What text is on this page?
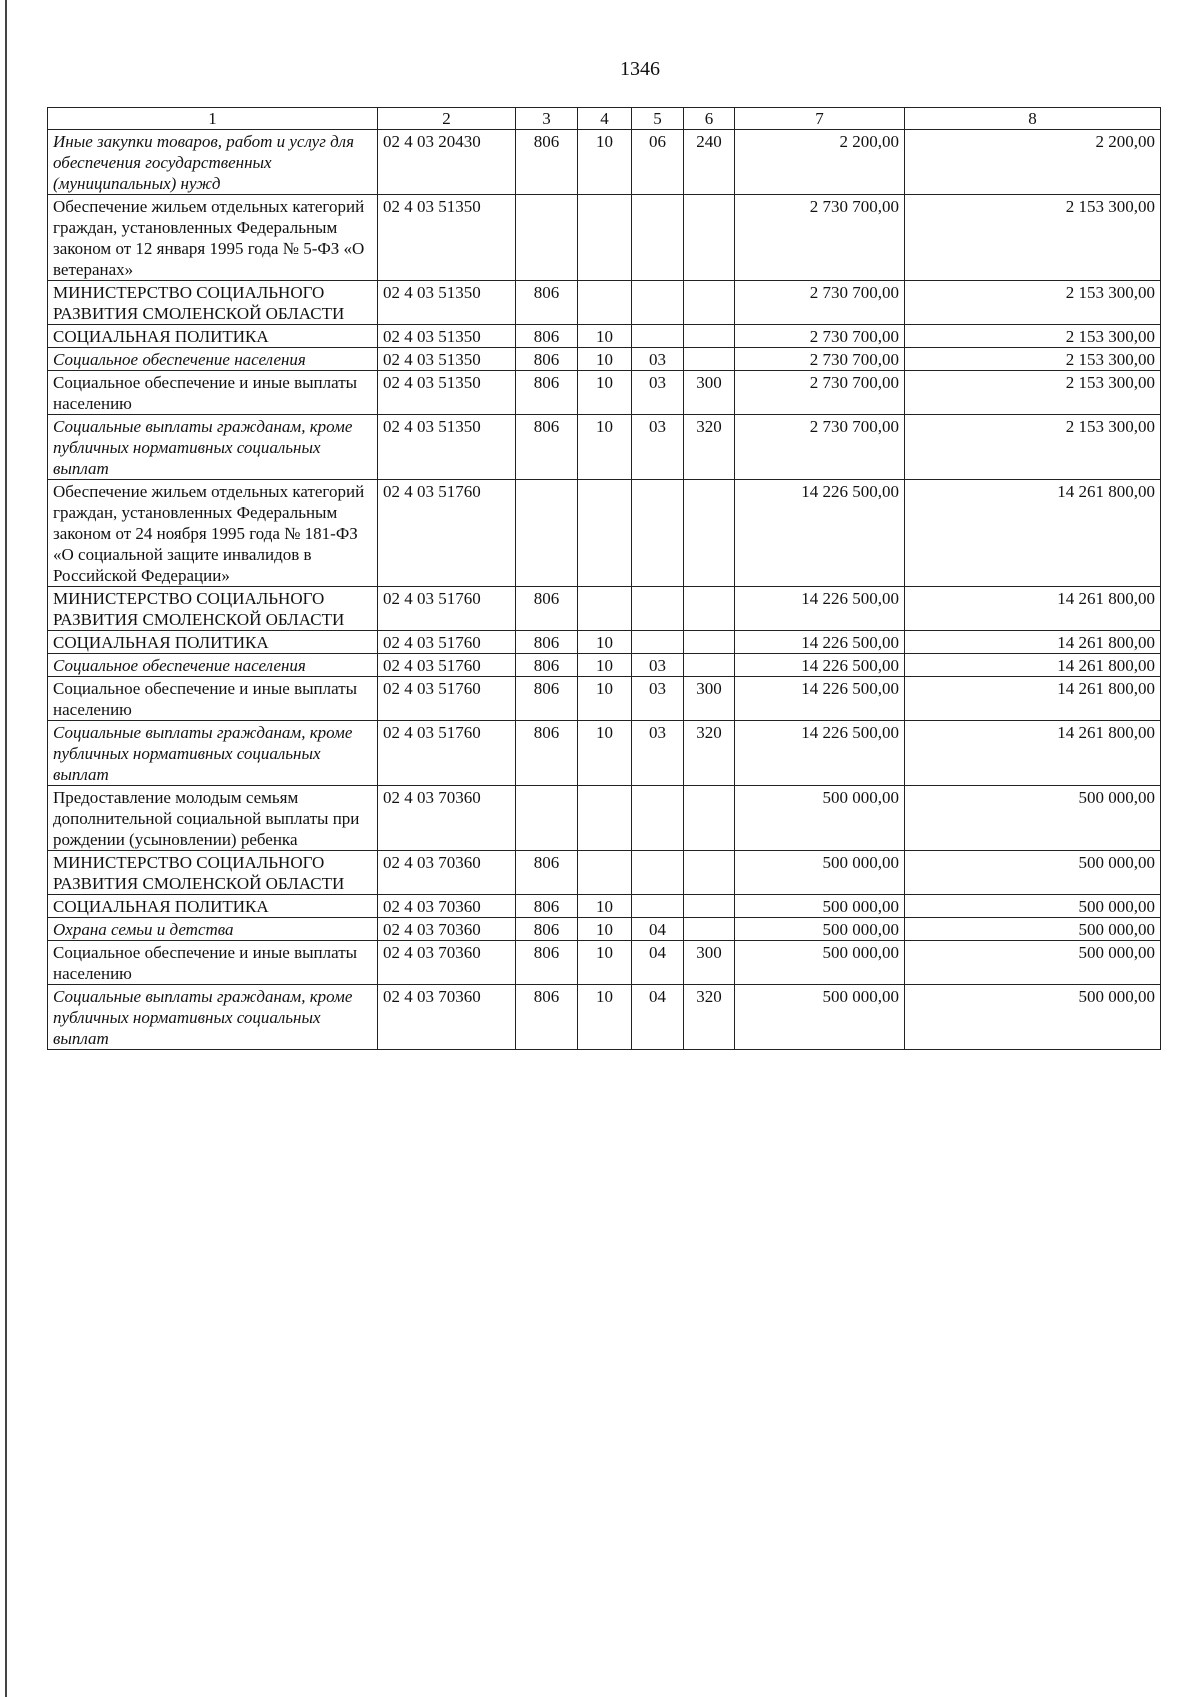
1346
1	2	3	4	5	6	7	8
Иные закупки товаров, работ и услуг для обеспечения государственных (муниципальных) нужд	02 4 03 20430	806	10	06	240	2 200,00	2 200,00
Обеспечение жильем отдельных категорий граждан, установленных Федеральным законом от 12 января 1995 года № 5-ФЗ «О ветеранах»	02 4 03 51350					2 730 700,00	2 153 300,00
МИНИСТЕРСТВО СОЦИАЛЬНОГО РАЗВИТИЯ СМОЛЕНСКОЙ ОБЛАСТИ	02 4 03 51350	806				2 730 700,00	2 153 300,00
СОЦИАЛЬНАЯ ПОЛИТИКА	02 4 03 51350	806	10			2 730 700,00	2 153 300,00
Социальное обеспечение населения	02 4 03 51350	806	10	03		2 730 700,00	2 153 300,00
Социальное обеспечение и иные выплаты населению	02 4 03 51350	806	10	03	300	2 730 700,00	2 153 300,00
Социальные выплаты гражданам, кроме публичных нормативных социальных выплат	02 4 03 51350	806	10	03	320	2 730 700,00	2 153 300,00
Обеспечение жильем отдельных категорий граждан, установленных Федеральным законом от 24 ноября 1995 года № 181-ФЗ «О социальной защите инвалидов в Российской Федерации»	02 4 03 51760					14 226 500,00	14 261 800,00
МИНИСТЕРСТВО СОЦИАЛЬНОГО РАЗВИТИЯ СМОЛЕНСКОЙ ОБЛАСТИ	02 4 03 51760	806				14 226 500,00	14 261 800,00
СОЦИАЛЬНАЯ ПОЛИТИКА	02 4 03 51760	806	10			14 226 500,00	14 261 800,00
Социальное обеспечение населения	02 4 03 51760	806	10	03		14 226 500,00	14 261 800,00
Социальное обеспечение и иные выплаты населению	02 4 03 51760	806	10	03	300	14 226 500,00	14 261 800,00
Социальные выплаты гражданам, кроме публичных нормативных социальных выплат	02 4 03 51760	806	10	03	320	14 226 500,00	14 261 800,00
Предоставление молодым семьям дополнительной социальной выплаты при рождении (усыновлении) ребенка	02 4 03 70360					500 000,00	500 000,00
МИНИСТЕРСТВО СОЦИАЛЬНОГО РАЗВИТИЯ СМОЛЕНСКОЙ ОБЛАСТИ	02 4 03 70360	806				500 000,00	500 000,00
СОЦИАЛЬНАЯ ПОЛИТИКА	02 4 03 70360	806	10			500 000,00	500 000,00
Охрана семьи и детства	02 4 03 70360	806	10	04		500 000,00	500 000,00
Социальное обеспечение и иные выплаты населению	02 4 03 70360	806	10	04	300	500 000,00	500 000,00
Социальные выплаты гражданам, кроме публичных нормативных социальных выплат	02 4 03 70360	806	10	04	320	500 000,00	500 000,00
